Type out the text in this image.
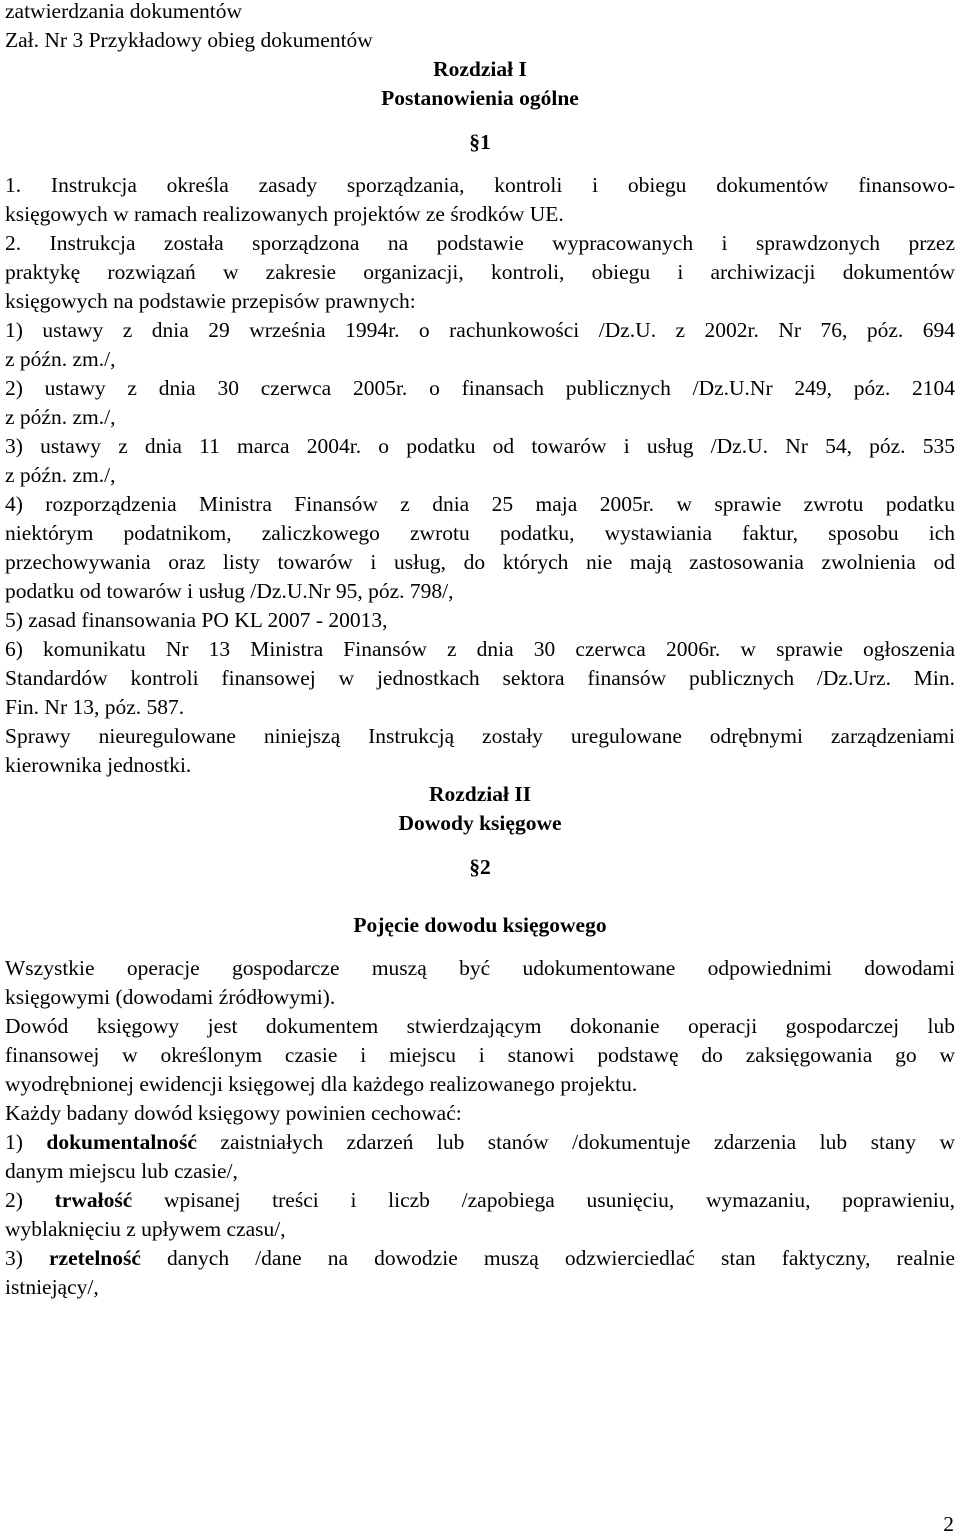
zatwierdzania dokumentów
Zał. Nr 3 Przykładowy obieg dokumentów
Rozdział I
Postanowienia ogólne
§1
1. Instrukcja określa zasady sporządzania, kontroli i obiegu dokumentów finansowo-
księgowych w ramach realizowanych projektów ze środków UE.
2. Instrukcja została sporządzona na podstawie wypracowanych i sprawdzonych przez
praktykę rozwiązań w zakresie organizacji, kontroli, obiegu i archiwizacji dokumentów
księgowych na podstawie przepisów prawnych:
1) ustawy z dnia 29 września 1994r. o rachunkowości /Dz.U. z 2002r. Nr 76, póz. 694
z późn. zm./,
2) ustawy z dnia 30 czerwca 2005r. o finansach publicznych /Dz.U.Nr 249, póz. 2104
z późn. zm./,
3) ustawy z dnia 11 marca 2004r. o podatku od towarów i usług /Dz.U. Nr 54, póz. 535
z późn. zm./,
4) rozporządzenia Ministra Finansów z dnia 25 maja 2005r. w sprawie zwrotu podatku
niektórym podatnikom, zaliczkowego zwrotu podatku, wystawiania faktur, sposobu ich
przechowywania oraz listy towarów i usług, do których nie mają zastosowania zwolnienia od
podatku od towarów i usług /Dz.U.Nr 95, póz. 798/,
5) zasad finansowania PO KL 2007 - 20013,
6) komunikatu Nr 13 Ministra Finansów z dnia 30 czerwca 2006r. w sprawie ogłoszenia
Standardów kontroli finansowej w jednostkach sektora finansów publicznych /Dz.Urz. Min.
Fin. Nr 13, póz. 587.
Sprawy nieuregulowane niniejszą Instrukcją zostały uregulowane odrębnymi zarządzeniami
kierownika jednostki.
Rozdział II
Dowody księgowe
§2
Pojęcie dowodu księgowego
Wszystkie operacje gospodarcze muszą być udokumentowane odpowiednimi dowodami
księgowymi (dowodami źródłowymi).
Dowód księgowy jest dokumentem stwierdzającym dokonanie operacji gospodarczej lub
finansowej w określonym czasie i miejscu i stanowi podstawę do zaksięgowania go w
wyodrębnionej ewidencji księgowej dla każdego realizowanego projektu.
Każdy badany dowód księgowy powinien cechować:
1) dokumentalność zaistniałych zdarzeń lub stanów /dokumentuje zdarzenia lub stany w
danym miejscu lub czasie/,
2) trwałość wpisanej treści i liczb /zapobiega usunięciu, wymazaniu, poprawieniu,
wyblaknięciu z upływem czasu/,
3) rzetelność danych /dane na dowodzie muszą odzwierciedlać stan faktyczny, realnie
istniejący/,
2
